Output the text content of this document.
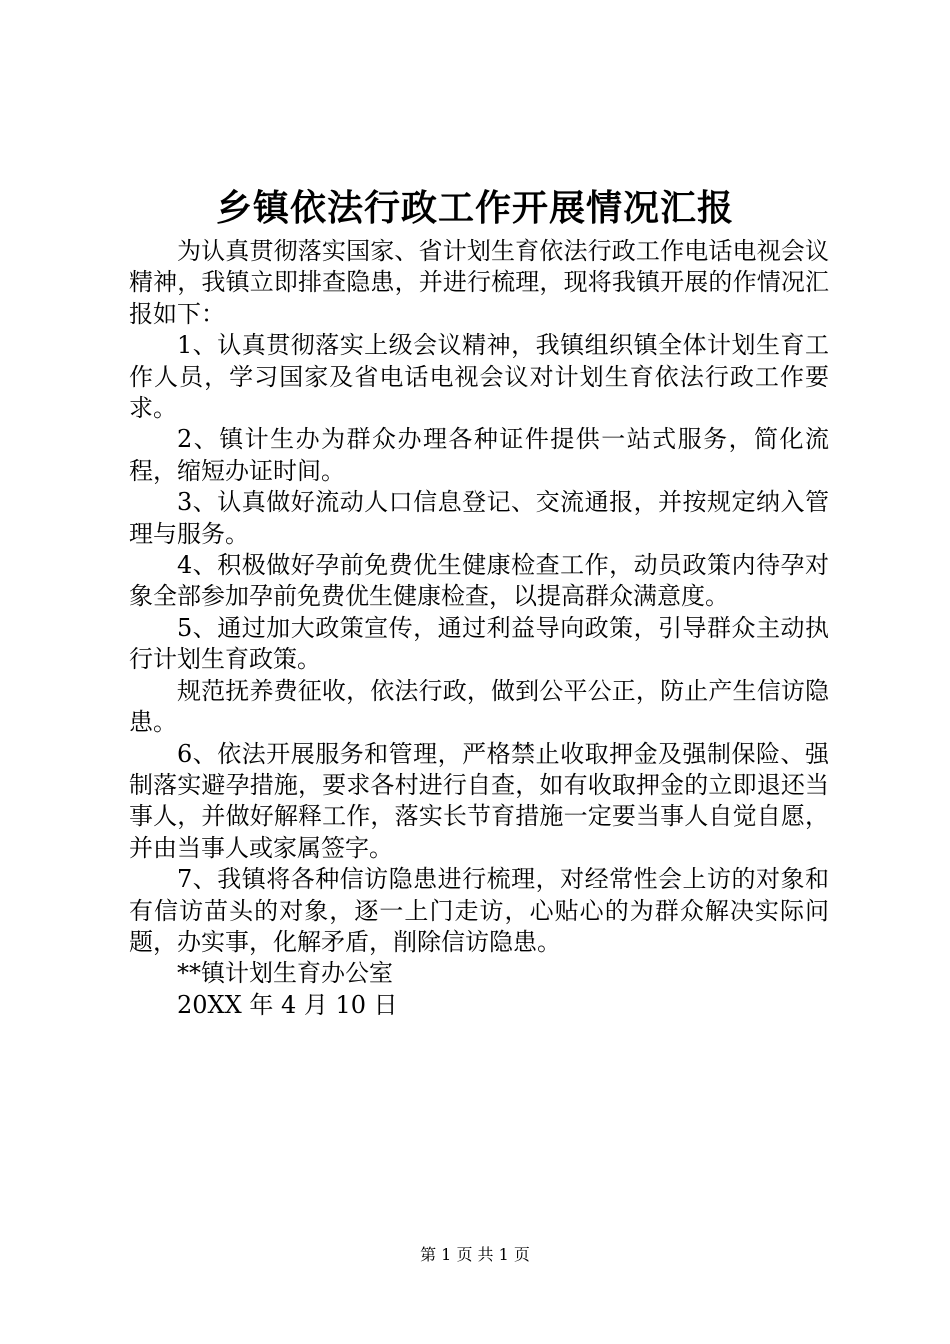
乡镇依法行政工作开展情况汇报

为认真贯彻落实国家、省计划生育依法行政工作电话电视会议精神，我镇立即排查隐患，并进行梳理，现将我镇开展的作情况汇报如下：

1、认真贯彻落实上级会议精神，我镇组织镇全体计划生育工作人员，学习国家及省电话电视会议对计划生育依法行政工作要求。

2、镇计生办为群众办理各种证件提供一站式服务，简化流程，缩短办证时间。

3、认真做好流动人口信息登记、交流通报，并按规定纳入管理与服务。

4、积极做好孕前免费优生健康检查工作，动员政策内待孕对象全部参加孕前免费优生健康检查，以提高群众满意度。

5、通过加大政策宣传，通过利益导向政策，引导群众主动执行计划生育政策。

规范抚养费征收，依法行政，做到公平公正，防止产生信访隐患。

6、依法开展服务和管理，严格禁止收取押金及强制保险、强制落实避孕措施，要求各村进行自查，如有收取押金的立即退还当事人，并做好解释工作，落实长节育措施一定要当事人自觉自愿，并由当事人或家属签字。

7、我镇将各种信访隐患进行梳理，对经常性会上访的对象和有信访苗头的对象，逐一上门走访，心贴心的为群众解决实际问题，办实事，化解矛盾，削除信访隐患。

**镇计划生育办公室

20XX 年 4 月 10 日

第 1 页 共 1 页
